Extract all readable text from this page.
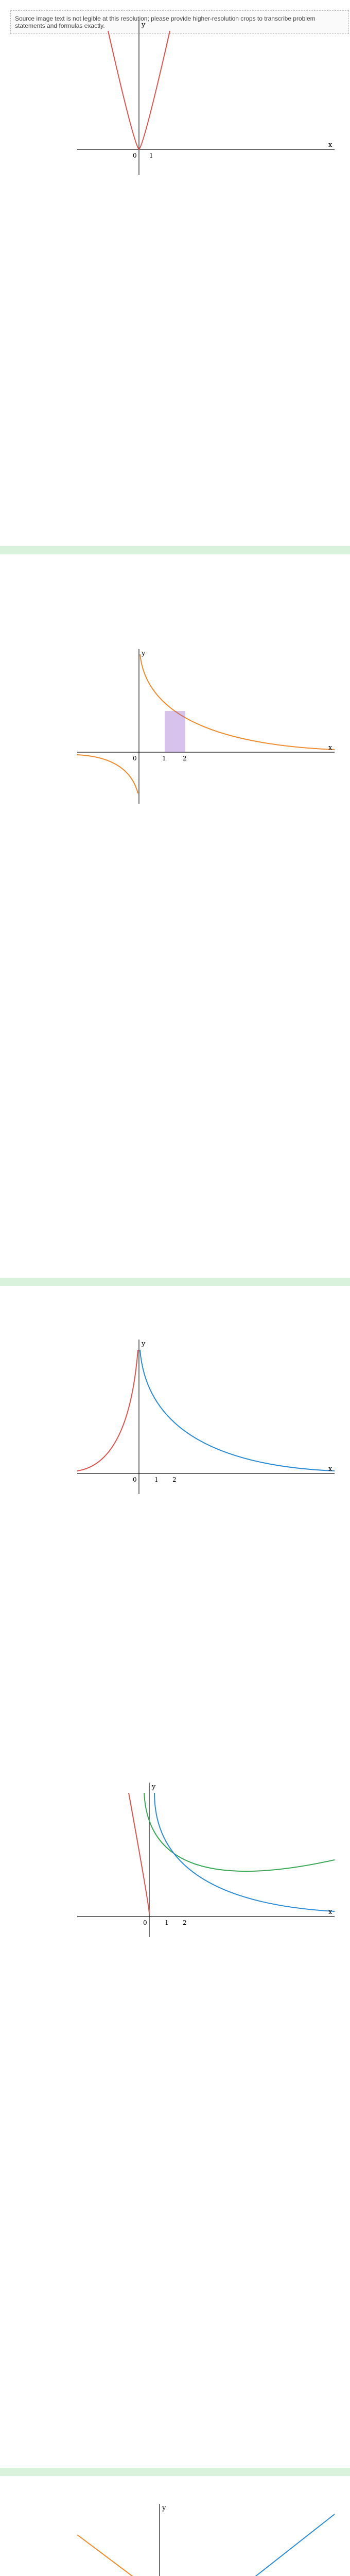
Source image text is not legible at this resolution; please provide higher-resolution crops to transcribe problem statements and formulas exactly.	y
x
0 1
y
x
0	1	2
y
x
0	1 2
y
x
0	1 2
y
